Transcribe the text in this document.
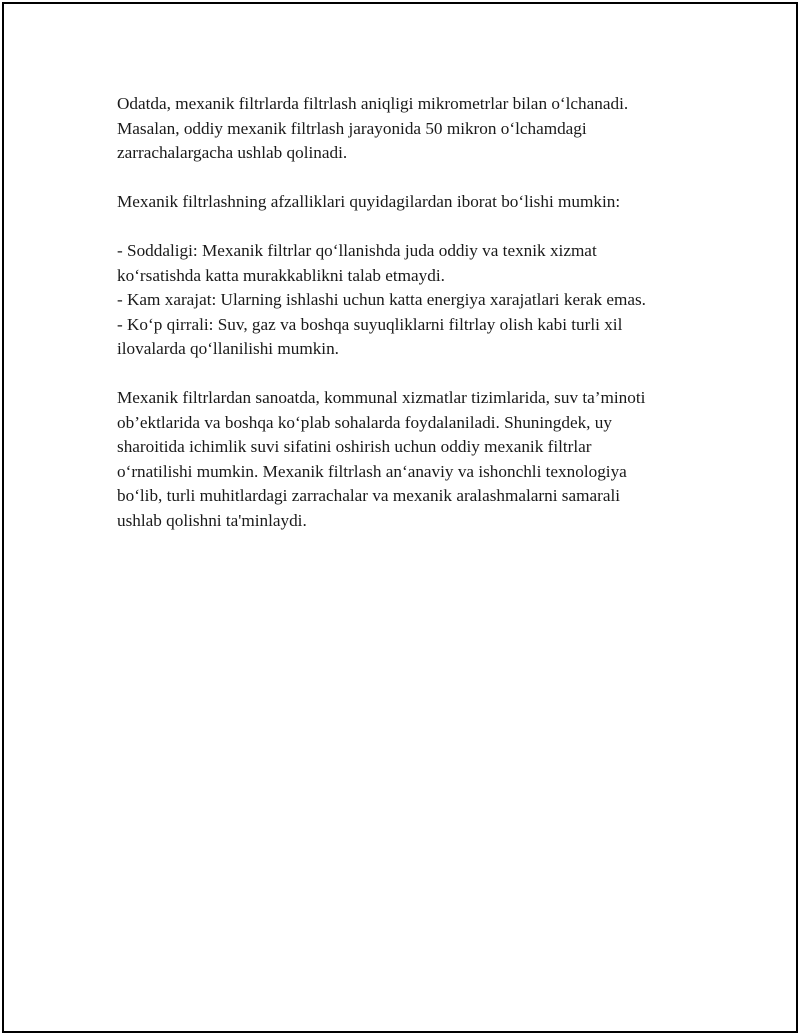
Odatda, mexanik filtrlarda filtrlash aniqligi mikrometrlar bilan o‘lchanadi.
Masalan, oddiy mexanik filtrlash jarayonida 50 mikron o‘lchamdagi
zarrachalargacha ushlab qolinadi.

Mexanik filtrlashning afzalliklari quyidagilardan iborat bo‘lishi mumkin:

- Soddaligi: Mexanik filtrlar qo‘llanishda juda oddiy va texnik xizmat
ko‘rsatishda katta murakkablikni talab etmaydi.
- Kam xarajat: Ularning ishlashi uchun katta energiya xarajatlari kerak emas.
- Ko‘p qirrali: Suv, gaz va boshqa suyuqliklarni filtrlay olish kabi turli xil
ilovalarda qo‘llanilishi mumkin.

Mexanik filtrlardan sanoatda, kommunal xizmatlar tizimlarida, suv ta’minoti
ob’ektlarida va boshqa ko‘plab sohalarda foydalaniladi. Shuningdek, uy
sharoitida ichimlik suvi sifatini oshirish uchun oddiy mexanik filtrlar
o‘rnatilishi mumkin. Mexanik filtrlash an‘anaviy va ishonchli texnologiya
bo‘lib, turli muhitlardagi zarrachalar va mexanik aralashmalarni samarali
ushlab qolishni ta'minlaydi.
